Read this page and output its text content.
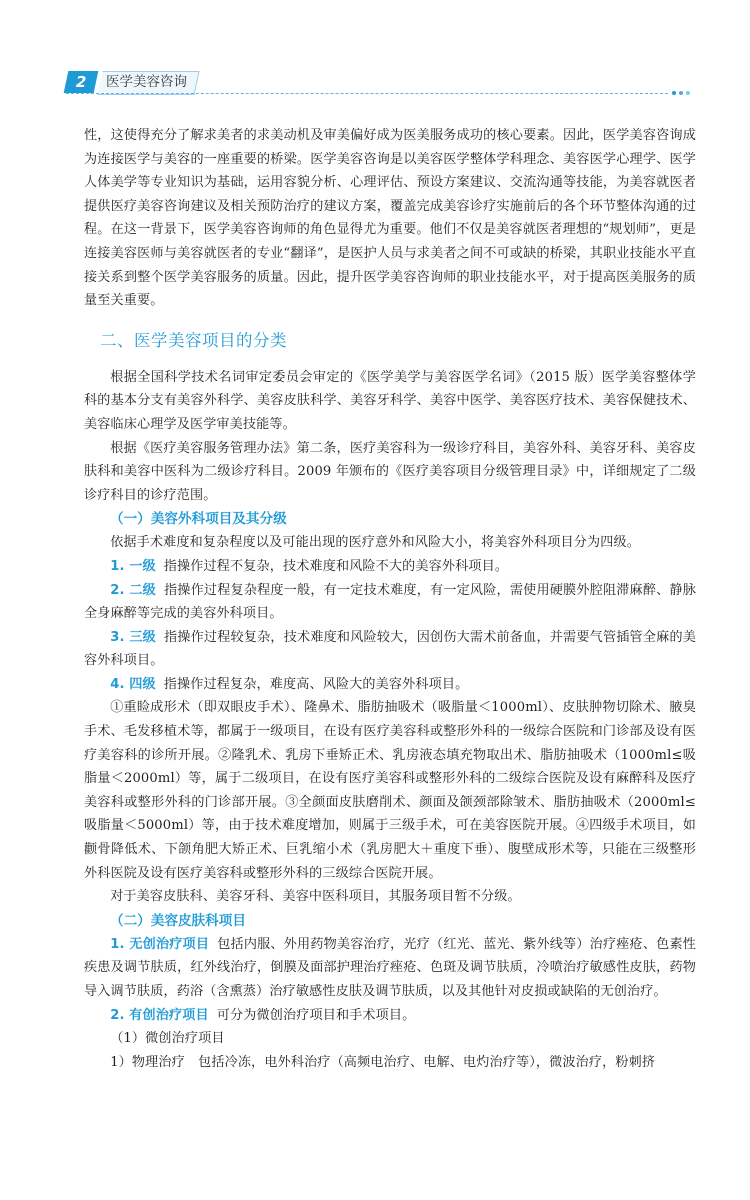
2	医学美容咨询

性，这使得充分了解求美者的求美动机及审美偏好成为医美服务成功的核心要素。因此，医学美容咨询成为连接医学与美容的一座重要的桥梁。医学美容咨询是以美容医学整体学科理念、美容医学心理学、医学人体美学等专业知识为基础，运用容貌分析、心理评估、预设方案建议、交流沟通等技能，为美容就医者提供医疗美容咨询建议及相关预防治疗的建议方案，覆盖完成美容诊疗实施前后的各个环节整体沟通的过程。在这一背景下，医学美容咨询师的角色显得尤为重要。他们不仅是美容就医者理想的“规划师”，更是连接美容医师与美容就医者的专业“翻译”，是医护人员与求美者之间不可或缺的桥梁，其职业技能水平直接关系到整个医学美容服务的质量。因此，提升医学美容咨询师的职业技能水平，对于提高医美服务的质量至关重要。

二、医学美容项目的分类

根据全国科学技术名词审定委员会审定的《医学美学与美容医学名词》（2015 版）医学美容整体学科的基本分支有美容外科学、美容皮肤科学、美容牙科学、美容中医学、美容医疗技术、美容保健技术、美容临床心理学及医学审美技能等。

根据《医疗美容服务管理办法》第二条，医疗美容科为一级诊疗科目，美容外科、美容牙科、美容皮肤科和美容中医科为二级诊疗科目。2009 年颁布的《医疗美容项目分级管理目录》中，详细规定了二级诊疗科目的诊疗范围。

（一）美容外科项目及其分级

依据手术难度和复杂程度以及可能出现的医疗意外和风险大小，将美容外科项目分为四级。

1. 一级 指操作过程不复杂，技术难度和风险不大的美容外科项目。

2. 二级 指操作过程复杂程度一般，有一定技术难度，有一定风险，需使用硬膜外腔阻滞麻醉、静脉全身麻醉等完成的美容外科项目。

3. 三级 指操作过程较复杂，技术难度和风险较大，因创伤大需术前备血，并需要气管插管全麻的美容外科项目。

4. 四级 指操作过程复杂，难度高、风险大的美容外科项目。

①重睑成形术（即双眼皮手术）、隆鼻术、脂肪抽吸术（吸脂量＜1000ml）、皮肤肿物切除术、腋臭手术、毛发移植术等，都属于一级项目，在设有医疗美容科或整形外科的一级综合医院和门诊部及设有医疗美容科的诊所开展。②隆乳术、乳房下垂矫正术、乳房液态填充物取出术、脂肪抽吸术（1000ml≤吸脂量＜2000ml）等，属于二级项目，在设有医疗美容科或整形外科的二级综合医院及设有麻醉科及医疗美容科或整形外科的门诊部开展。③全颜面皮肤磨削术、颜面及颌颈部除皱术、脂肪抽吸术（2000ml≤吸脂量＜5000ml）等，由于技术难度增加，则属于三级手术，可在美容医院开展。④四级手术项目，如颧骨降低术、下颌角肥大矫正术、巨乳缩小术（乳房肥大＋重度下垂）、腹壁成形术等，只能在三级整形外科医院及设有医疗美容科或整形外科的三级综合医院开展。

对于美容皮肤科、美容牙科、美容中医科项目，其服务项目暂不分级。

（二）美容皮肤科项目

1. 无创治疗项目 包括内服、外用药物美容治疗，光疗（红光、蓝光、紫外线等）治疗痤疮、色素性疾患及调节肤质，红外线治疗，倒膜及面部护理治疗痤疮、色斑及调节肤质，冷喷治疗敏感性皮肤，药物导入调节肤质，药浴（含熏蒸）治疗敏感性皮肤及调节肤质，以及其他针对皮损或缺陷的无创治疗。

2. 有创治疗项目 可分为微创治疗项目和手术项目。

（1）微创治疗项目

1）物理治疗　包括冷冻，电外科治疗（高频电治疗、电解、电灼治疗等），微波治疗，粉刺挤
